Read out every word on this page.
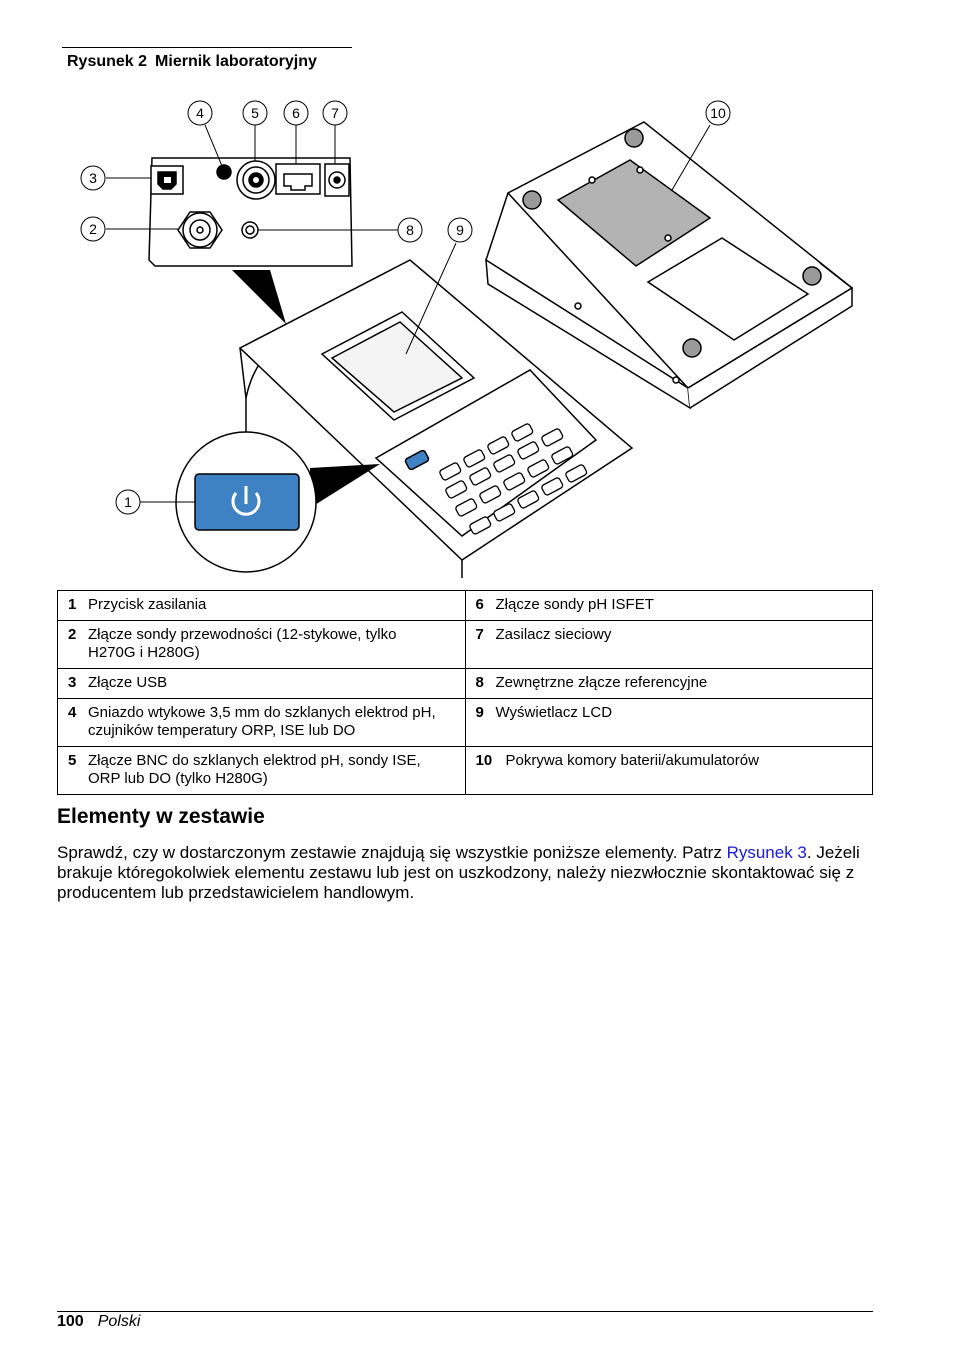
Rysunek 2 Miernik laboratoryjny
1
2
3
4	5 6 7
8	9
10
1 Przycisk zasilania	6 Złącze sondy pH ISFET
2 Złącze sondy przewodności (12-stykowe, tylko H270G i H280G)	7 Zasilacz sieciowy
3 Złącze USB	8 Zewnętrzne złącze referencyjne
4 Gniazdo wtykowe 3,5 mm do szklanych elektrod pH, czujników temperatury ORP, ISE lub DO	9 Wyświetlacz LCD
5 Złącze BNC do szklanych elektrod pH, sondy ISE, ORP lub DO (tylko H280G)	10 Pokrywa komory baterii/akumulatorów
Elementy w zestawie

Sprawdź, czy w dostarczonym zestawie znajdują się wszystkie poniższe elementy. Patrz Rysunek 3. Jeżeli brakuje któregokolwiek elementu zestawu lub jest on uszkodzony, należy niezwłocznie skontaktować się z producentem lub przedstawicielem handlowym.

100 Polski
